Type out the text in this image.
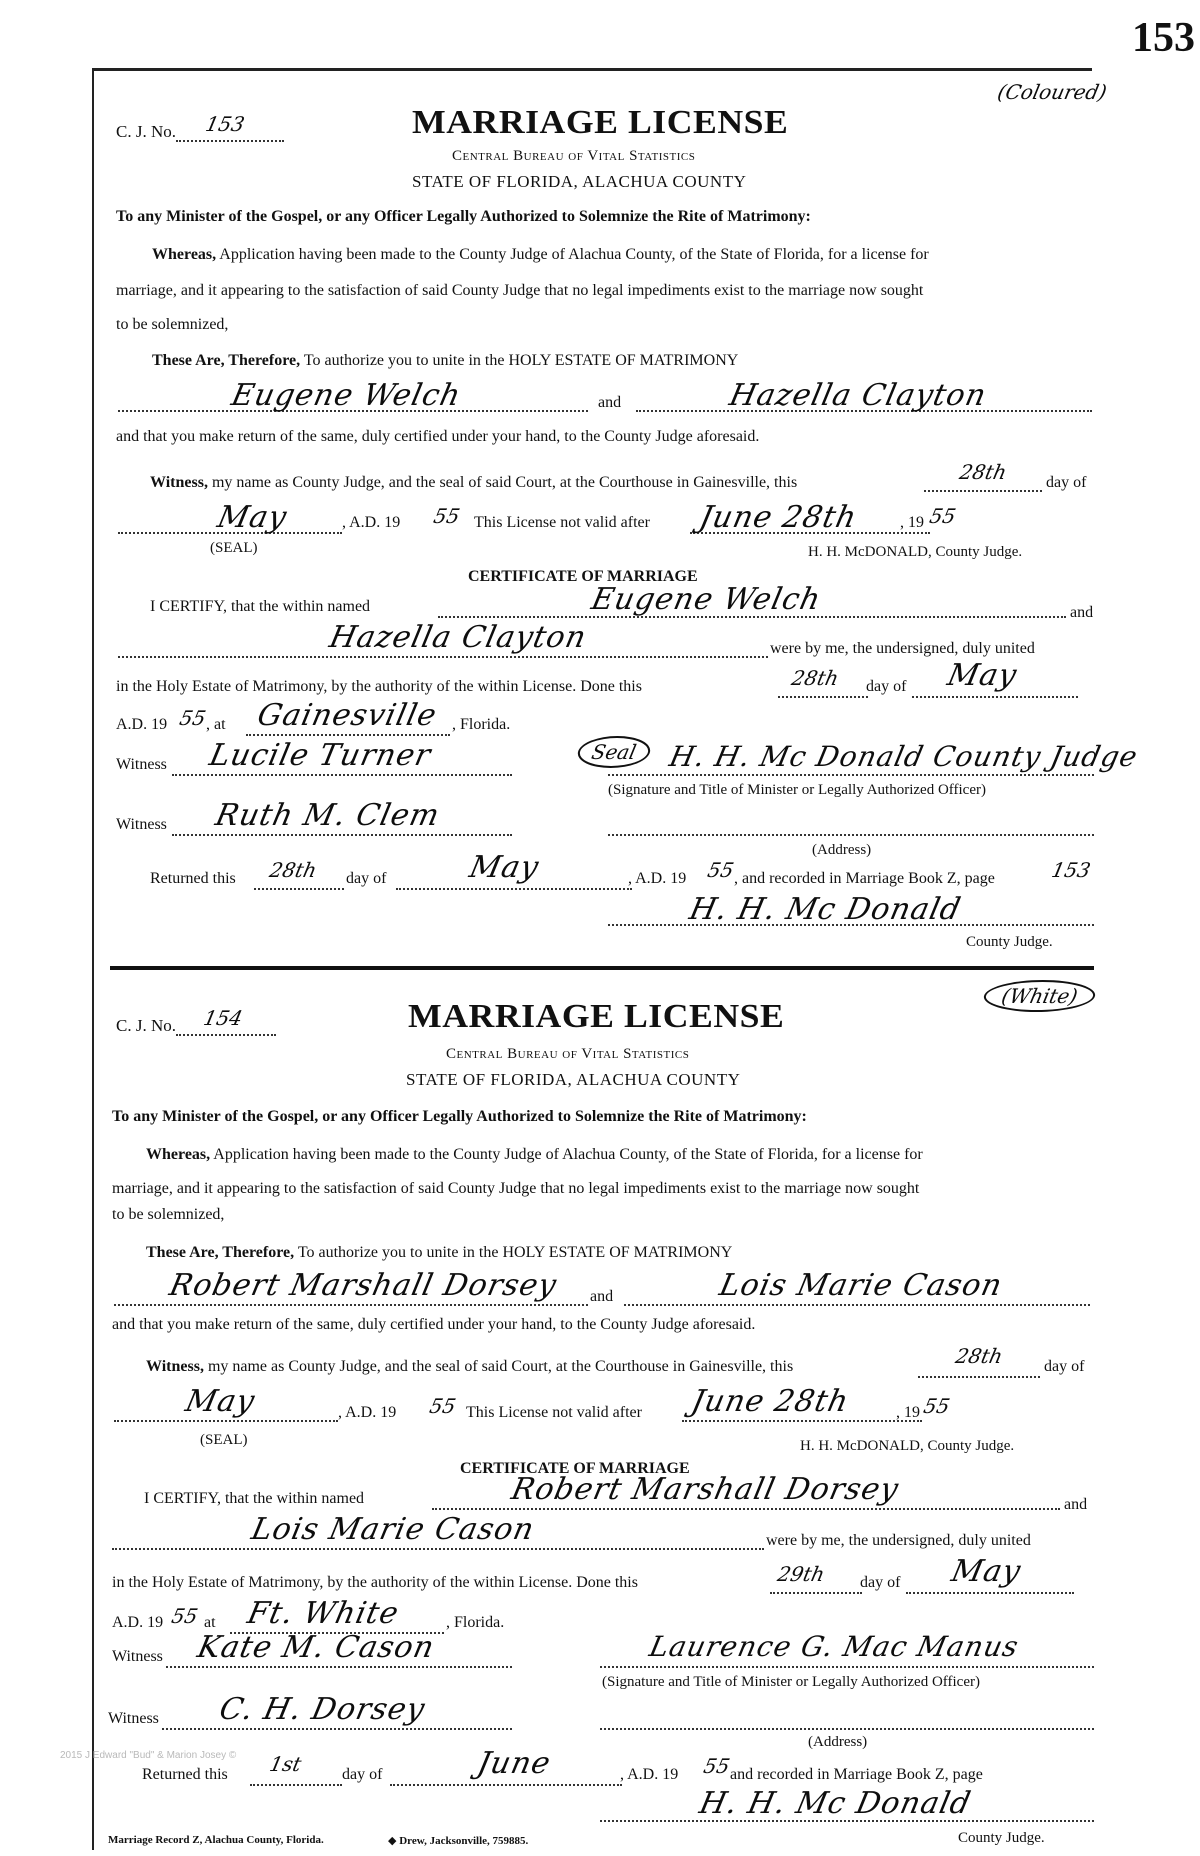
153
(Coloured)
C. J. No. 153	MARRIAGE LICENSE
Central Bureau of Vital Statistics
STATE OF FLORIDA, ALACHUA COUNTY
To any Minister of the Gospel, or any Officer Legally Authorized to Solemnize the Rite of Matrimony:
Whereas, Application having been made to the County Judge of Alachua County, of the State of Florida, for a license for
marriage, and it appearing to the satisfaction of said County Judge that no legal impediments exist to the marriage now sought
to be solemnized,
These Are, Therefore, To authorize you to unite in the HOLY ESTATE OF MATRIMONY
Eugene Welch	and	Hazella Clayton
and that you make return of the same, duly certified under your hand, to the County Judge aforesaid.
Witness, my name as County Judge, and the seal of said Court, at the Courthouse in Gainesville, this	28th day of
May	, A.D. 19 55 This License not valid after June 28th , 19 55
(SEAL)	H. H. McDONALD, County Judge.
CERTIFICATE OF MARRIAGE
I CERTIFY, that the within named	Eugene Welch	and
Hazella Clayton	were by me, the undersigned, duly united
in the Holy Estate of Matrimony, by the authority of the within License. Done this	28th day of May
A.D. 19 55
, at Gainesville , Florida.
Witness Lucile Turner	Seal	H. H. Mc Donald County Judge
(Signature and Title of Minister or Legally Authorized Officer)
Witness Ruth M. Clem
(Address)
Returned this 28th day of	May	, A.D. 19 55
, and recorded in Marriage Book Z, page	153
H. H. Mc Donald
County Judge.
(White)
C. J. No. 154	MARRIAGE LICENSE
Central Bureau of Vital Statistics
STATE OF FLORIDA, ALACHUA COUNTY
To any Minister of the Gospel, or any Officer Legally Authorized to Solemnize the Rite of Matrimony:
Whereas, Application having been made to the County Judge of Alachua County, of the State of Florida, for a license for
marriage, and it appearing to the satisfaction of said County Judge that no legal impediments exist to the marriage now sought
to be solemnized,
These Are, Therefore, To authorize you to unite in the HOLY ESTATE OF MATRIMONY
Robert Marshall Dorsey and	Lois Marie Cason
and that you make return of the same, duly certified under your hand, to the County Judge aforesaid.
Witness, my name as County Judge, and the seal of said Court, at the Courthouse in Gainesville, this	28th day of
May	, A.D. 19 55 This License not valid after June 28th	, 19 55
(SEAL)	H. H. McDONALD, County Judge.
CERTIFICATE OF MARRIAGE
I CERTIFY, that the within named	Robert Marshall Dorsey	and
Lois Marie Cason	were by me, the undersigned, duly united
in the Holy Estate of Matrimony, by the authority of the within License. Done this	29th day of May
A.D. 19 55 at Ft. White	, Florida.
Witness Kate M. Cason	Laurence G. Mac Manus
(Signature and Title of Minister or Legally Authorized Officer)
Witness C. H. Dorsey
(Address)
Returned this 1st day of	June	, A.D. 19 55
and recorded in Marriage Book Z, page
H. H. Mc Donald
County Judge.
Marriage Record Z, Alachua County, Florida.	◆ Drew, Jacksonville, 759885.
2015 J Edward "Bud" & Marion Josey ©
